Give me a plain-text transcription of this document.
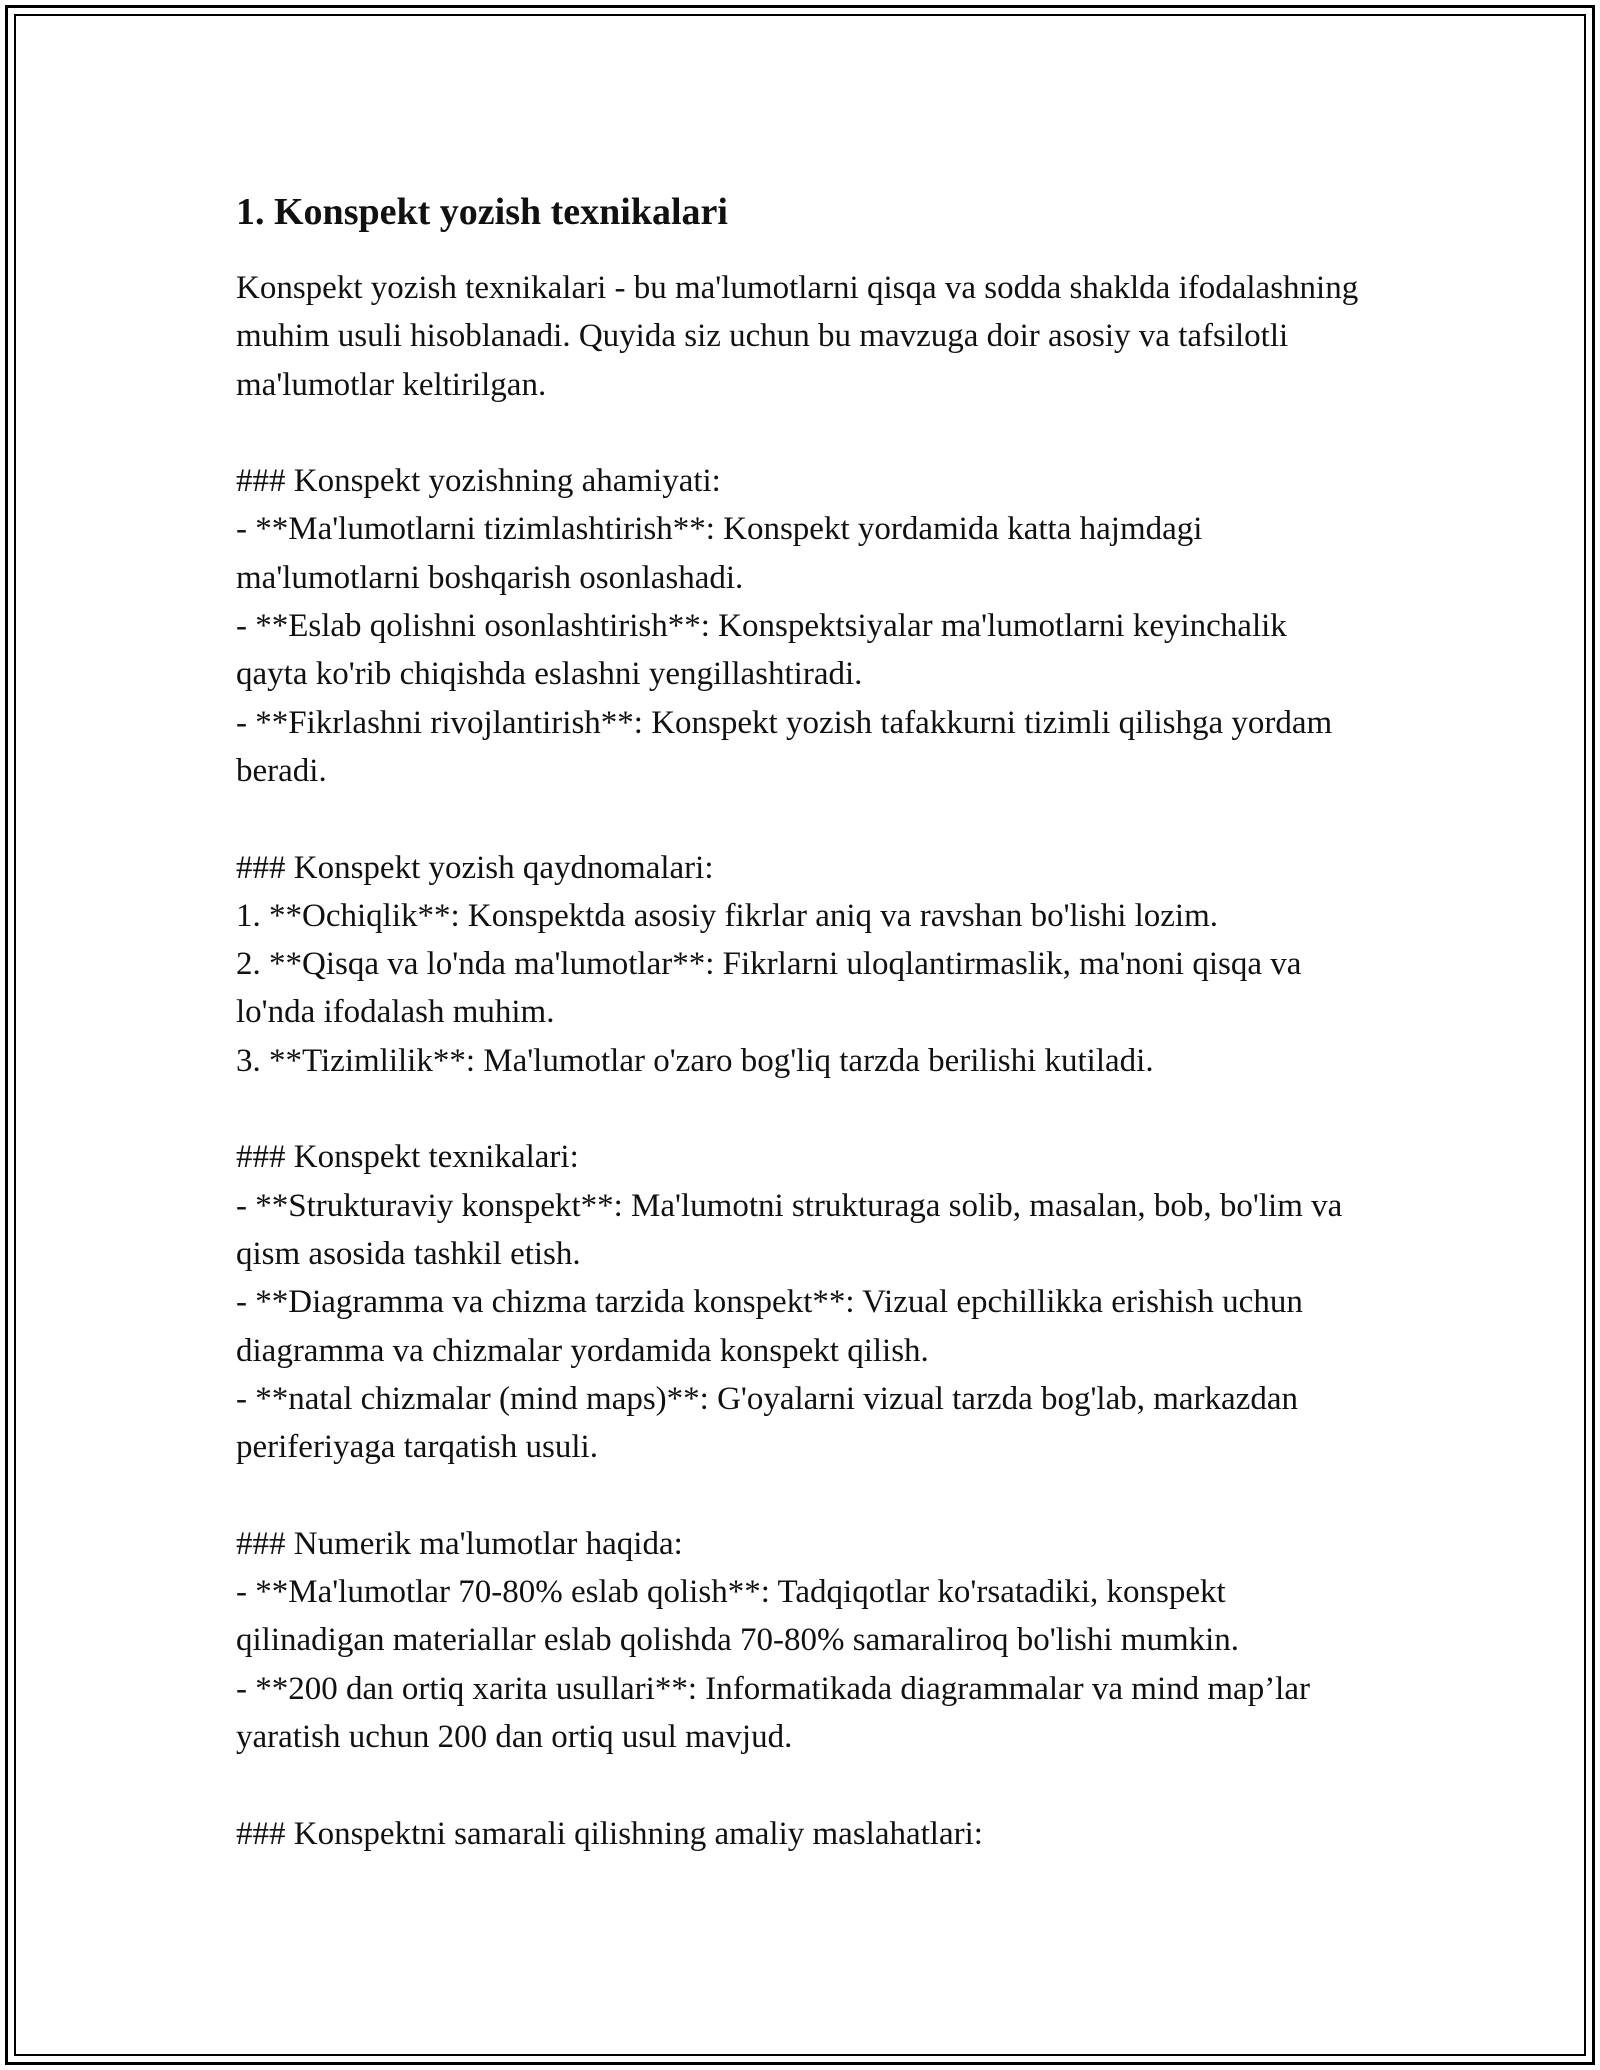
1. Konspekt yozish texnikalari

Konspekt yozish texnikalari - bu ma'lumotlarni qisqa va sodda shaklda ifodalashning muhim usuli hisoblanadi. Quyida siz uchun bu mavzuga doir asosiy va tafsilotli ma'lumotlar keltirilgan.

### Konspekt yozishning ahamiyati:

- **Ma'lumotlarni tizimlashtirish**: Konspekt yordamida katta hajmdagi ma'lumotlarni boshqarish osonlashadi.

- **Eslab qolishni osonlashtirish**: Konspektsiyalar ma'lumotlarni keyinchalik qayta ko'rib chiqishda eslashni yengillashtiradi.

- **Fikrlashni rivojlantirish**: Konspekt yozish tafakkurni tizimli qilishga yordam beradi.

### Konspekt yozish qaydnomalari:

1. **Ochiqlik**: Konspektda asosiy fikrlar aniq va ravshan bo'lishi lozim.

2. **Qisqa va lo'nda ma'lumotlar**: Fikrlarni uloqlantirmaslik, ma'noni qisqa va lo'nda ifodalash muhim.

3. **Tizimlilik**: Ma'lumotlar o'zaro bog'liq tarzda berilishi kutiladi.

### Konspekt texnikalari:

- **Strukturaviy konspekt**: Ma'lumotni strukturaga solib, masalan, bob, bo'lim va qism asosida tashkil etish.

- **Diagramma va chizma tarzida konspekt**: Vizual epchillikka erishish uchun diagramma va chizmalar yordamida konspekt qilish.

- **natal chizmalar (mind maps)**: G'oyalarni vizual tarzda bog'lab, markazdan periferiyaga tarqatish usuli.

### Numerik ma'lumotlar haqida:

- **Ma'lumotlar 70-80% eslab qolish**: Tadqiqotlar ko'rsatadiki, konspekt qilinadigan materiallar eslab qolishda 70-80% samaraliroq bo'lishi mumkin.

- **200 dan ortiq xarita usullari**: Informatikada diagrammalar va mind map’lar yaratish uchun 200 dan ortiq usul mavjud.

### Konspektni samarali qilishning amaliy maslahatlari:
